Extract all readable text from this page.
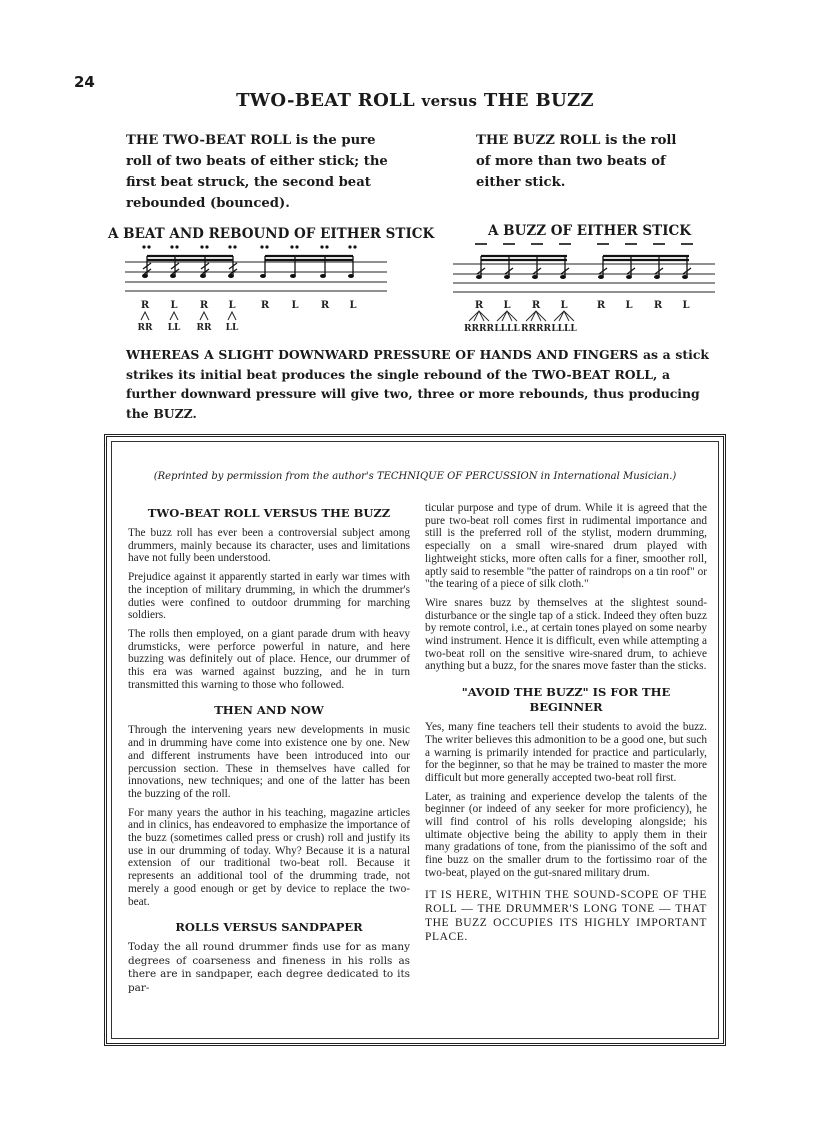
24
TWO-BEAT ROLL versus THE BUZZ

THE TWO-BEAT ROLL is the pure roll of two beats of either stick; the first beat struck, the second beat rebounded (bounced).

THE BUZZ ROLL is the roll of more than two beats of either stick.

A BEAT AND REBOUND OF EITHER STICK	A BUZZ OF EITHER STICK
R L R L	R L R L
RR LL RR LL
R L R L	R L R L
RRRR LLLL RRRR LLLL

WHEREAS A SLIGHT DOWNWARD PRESSURE OF HANDS AND FINGERS as a stick strikes its initial beat produces the single rebound of the TWO-BEAT ROLL, a further downward pressure will give two, three or more rebounds, thus producing the BUZZ.

(Reprinted by permission from the author's TECHNIQUE OF PERCUSSION in International Musician.)

TWO-BEAT ROLL VERSUS THE BUZZ

The buzz roll has ever been a controversial subject among drummers, mainly because its character, uses and limitations have not fully been understood.

Prejudice against it apparently started in early war times with the inception of military drumming, in which the drummer's duties were confined to outdoor drumming for marching soldiers.

The rolls then employed, on a giant parade drum with heavy drumsticks, were perforce powerful in nature, and here buzzing was definitely out of place. Hence, our drummer of this era was warned against buzzing, and he in turn transmitted this warning to those who followed.

THEN AND NOW

Through the intervening years new developments in music and in drumming have come into existence one by one. New and different instruments have been introduced into our percussion section. These in themselves have called for innovations, new techniques; and one of the latter has been the buzzing of the roll.

For many years the author in his teaching, magazine articles and in clinics, has endeavored to emphasize the importance of the buzz (sometimes called press or crush) roll and justify its use in our drumming of today. Why? Because it is a natural extension of our traditional two-beat roll. Because it represents an additional tool of the drumming trade, not merely a good enough or get by device to replace the two-beat.

ROLLS VERSUS SANDPAPER

Today the all round drummer finds use for as many degrees of coarseness and fineness in his rolls as there are in sandpaper, each degree dedicated to its par-

ticular purpose and type of drum. While it is agreed that the pure two-beat roll comes first in rudimental importance and still is the preferred roll of the stylist, modern drumming, especially on a small wire-snared drum played with lightweight sticks, more often calls for a finer, smoother roll, aptly said to resemble "the patter of raindrops on a tin roof" or "the tearing of a piece of silk cloth."

Wire snares buzz by themselves at the slightest sound-disturbance or the single tap of a stick. Indeed they often buzz by remote control, i.e., at certain tones played on some nearby wind instrument. Hence it is difficult, even while attempting a two-beat roll on the sensitive wire-snared drum, to achieve anything but a buzz, for the snares move faster than the sticks.

"AVOID THE BUZZ" IS FOR THE BEGINNER

Yes, many fine teachers tell their students to avoid the buzz. The writer believes this admonition to be a good one, but such a warning is primarily intended for practice and particularly, for the beginner, so that he may be trained to master the more difficult but more generally accepted two-beat roll first.

Later, as training and experience develop the talents of the beginner (or indeed of any seeker for more proficiency), he will find control of his rolls developing alongside; his ultimate objective being the ability to apply them in their many gradations of tone, from the pianissimo of the soft and fine buzz on the smaller drum to the fortissimo roar of the two-beat, played on the gut-snared military drum.

IT IS HERE, WITHIN THE SOUND-SCOPE OF THE ROLL — THE DRUMMER'S LONG TONE — THAT THE BUZZ OCCUPIES ITS HIGHLY IMPORTANT PLACE.
